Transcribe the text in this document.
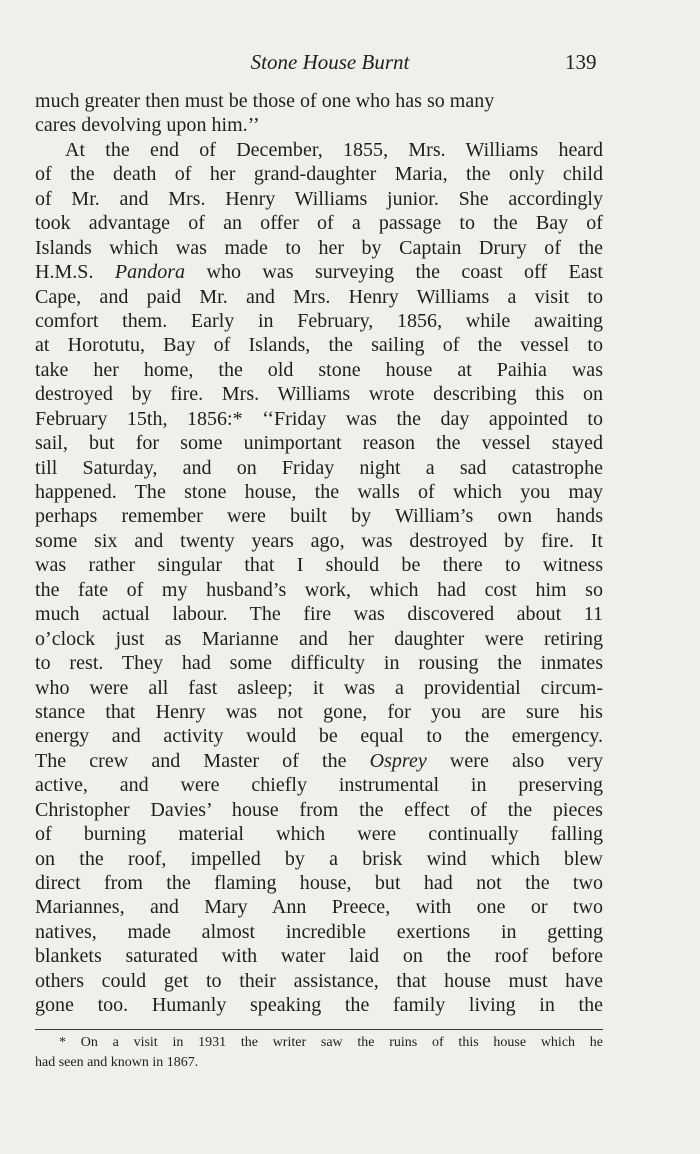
Stone House Burnt	139
much greater then must be those of one who has so many
cares devolving upon him.’’
At the end of December, 1855, Mrs. Williams heard
of the death of her grand-daughter Maria, the only child
of Mr. and Mrs. Henry Williams junior. She accordingly
took advantage of an offer of a passage to the Bay of
Islands which was made to her by Captain Drury of the
H.M.S. Pandora who was surveying the coast off East
Cape, and paid Mr. and Mrs. Henry Williams a visit to
comfort them. Early in February, 1856, while awaiting
at Horotutu, Bay of Islands, the sailing of the vessel to
take her home, the old stone house at Paihia was
destroyed by fire. Mrs. Williams wrote describing this on
February 15th, 1856:* ‘‘Friday was the day appointed to
sail, but for some unimportant reason the vessel stayed
till Saturday, and on Friday night a sad catastrophe
happened. The stone house, the walls of which you may
perhaps remember were built by William’s own hands
some six and twenty years ago, was destroyed by fire. It
was rather singular that I should be there to witness
the fate of my husband’s work, which had cost him so
much actual labour. The fire was discovered about 11
o’clock just as Marianne and her daughter were retiring
to rest. They had some difficulty in rousing the inmates
who were all fast asleep; it was a providential circum-
stance that Henry was not gone, for you are sure his
energy and activity would be equal to the emergency.
The crew and Master of the Osprey were also very
active, and were chiefly instrumental in preserving
Christopher Davies’ house from the effect of the pieces
of burning material which were continually falling
on the roof, impelled by a brisk wind which blew
direct from the flaming house, but had not the two
Mariannes, and Mary Ann Preece, with one or two
natives, made almost incredible exertions in getting
blankets saturated with water laid on the roof before
others could get to their assistance, that house must have
gone too. Humanly speaking the family living in the
* On a visit in 1931 the writer saw the ruins of this house which he
had seen and known in 1867.
